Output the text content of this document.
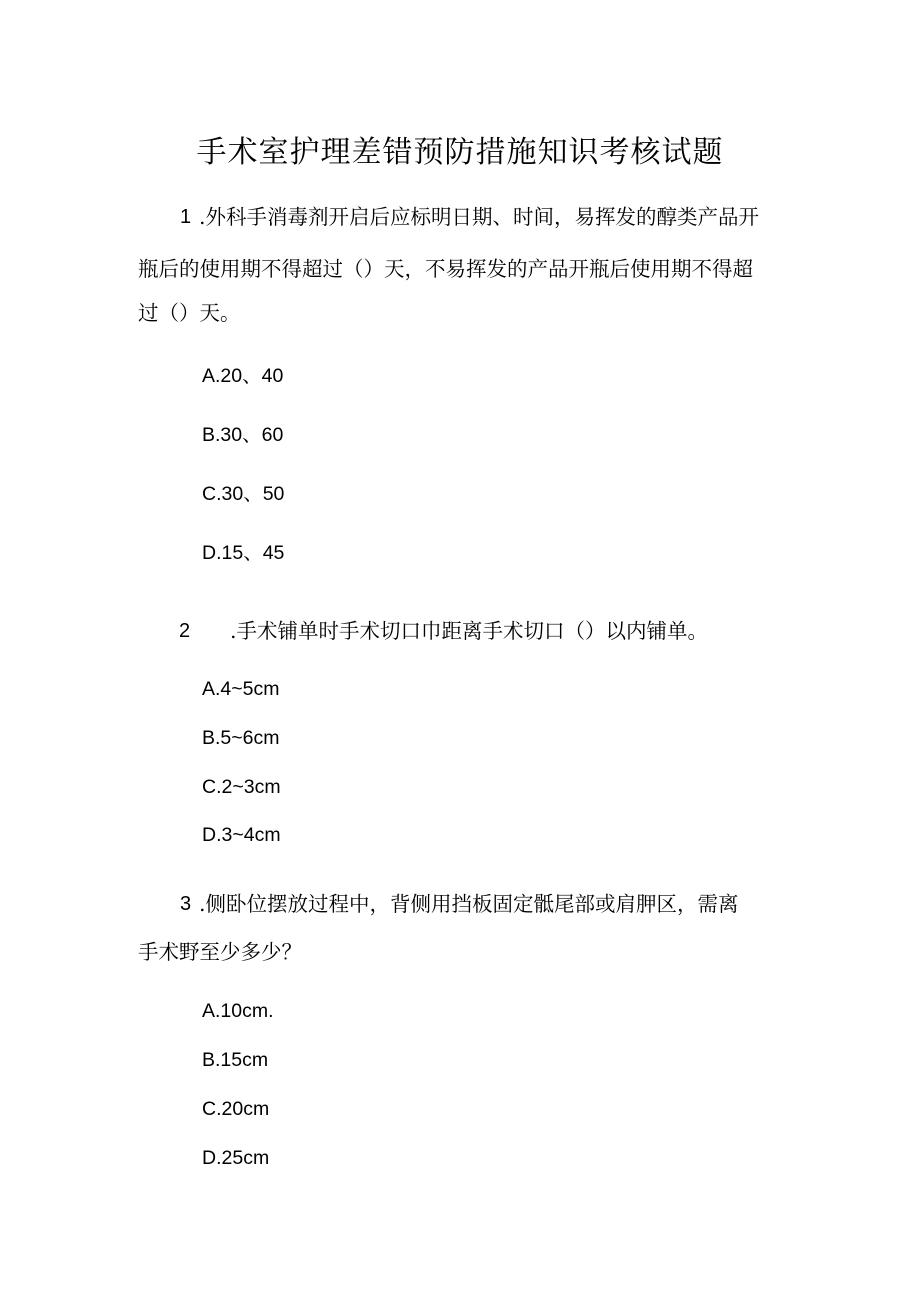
手术室护理差错预防措施知识考核试题
1 .外科手消毒剂开启后应标明日期、时间，易挥发的醇类产品开
瓶后的使用期不得超过（）天，不易挥发的产品开瓶后使用期不得超
过（）天。
A.20、40
B.30、60
C.30、50
D.15、45
2 .手术铺单时手术切口巾距离手术切口（）以内铺单。
A.4~5cm
B.5~6cm
C.2~3cm
D.3~4cm
3 .侧卧位摆放过程中，背侧用挡板固定骶尾部或肩胛区，需离
手术野至少多少？
A.10cm.
B.15cm
C.20cm
D.25cm
